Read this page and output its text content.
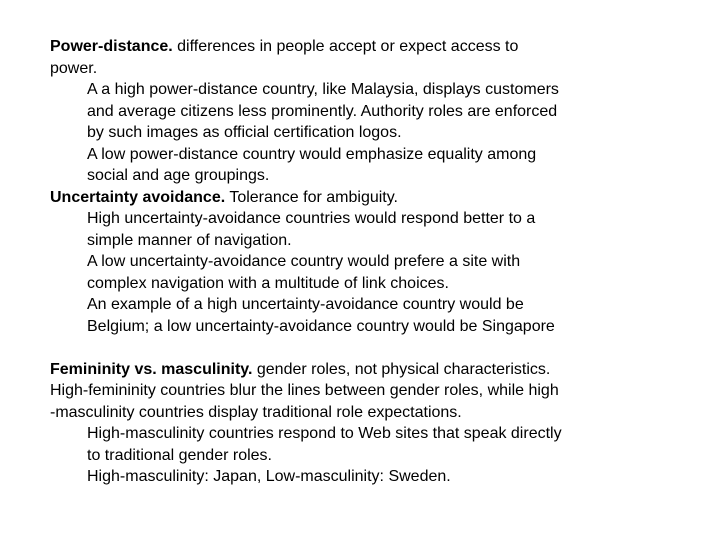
Power-distance. differences in people accept or expect access to
power.
A a high power-distance country, like Malaysia, displays customers
and average citizens less prominently. Authority roles are enforced
by such images as official certification logos.
A low power-distance country would emphasize equality among
social and age groupings.
Uncertainty avoidance. Tolerance for ambiguity.
High uncertainty-avoidance countries would respond better to a
simple manner of navigation.
A low uncertainty-avoidance country would prefere a site with
complex navigation with a multitude of link choices.
An example of a high uncertainty-avoidance country would be
Belgium; a low uncertainty-avoidance country would be Singapore
Femininity vs. masculinity. gender roles, not physical characteristics.
High-femininity countries blur the lines between gender roles, while high
-masculinity countries display traditional role expectations.
High-masculinity countries respond to Web sites that speak directly
to traditional gender roles.
High-masculinity: Japan, Low-masculinity: Sweden.
